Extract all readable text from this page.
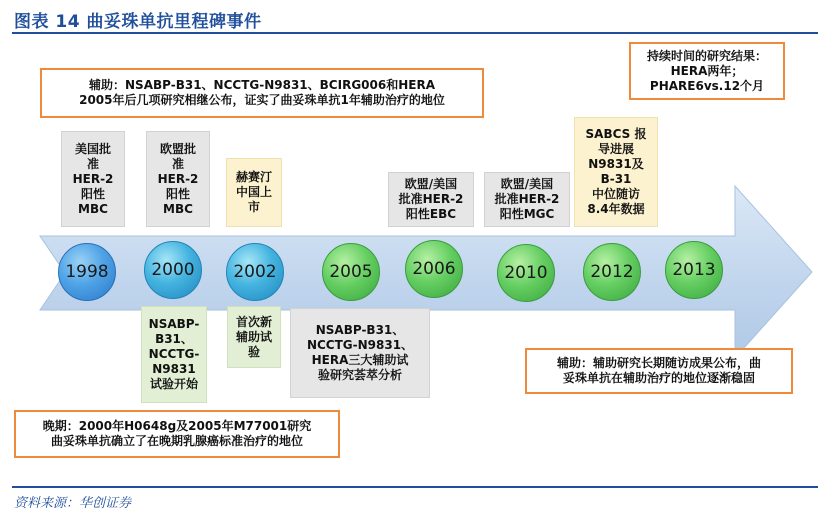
图表 14 曲妥珠单抗里程碑事件
辅助：NSABP-B31、NCCTG-N9831、BCIRG006和HERA
2005年后几项研究相继公布，证实了曲妥珠单抗1年辅助治疗的地位
持续时间的研究结果：
HERA两年；
PHARE6vs.12个月
美国批
准
HER-2
阳性
MBC
欧盟批
准
HER-2
阳性
MBC
赫赛汀
中国上
市
欧盟/美国
批准HER-2
阳性EBC
欧盟/美国
批准HER-2
阳性MGC
SABCS 报
导进展
N9831及
B-31
中位随访
8.4年数据
1998	2000	2002	2005	2006	2010	2012	2013
NSABP-
B31、
NCCTG-
N9831
试验开始
首次新
辅助试
验
NSABP-B31、
NCCTG-N9831、
HERA三大辅助试
验研究荟萃分析
辅助：辅助研究长期随访成果公布，曲
妥珠单抗在辅助治疗的地位逐渐稳固
晚期：2000年H0648g及2005年M77001研究
曲妥珠单抗确立了在晚期乳腺癌标准治疗的地位
资料来源：华创证券
